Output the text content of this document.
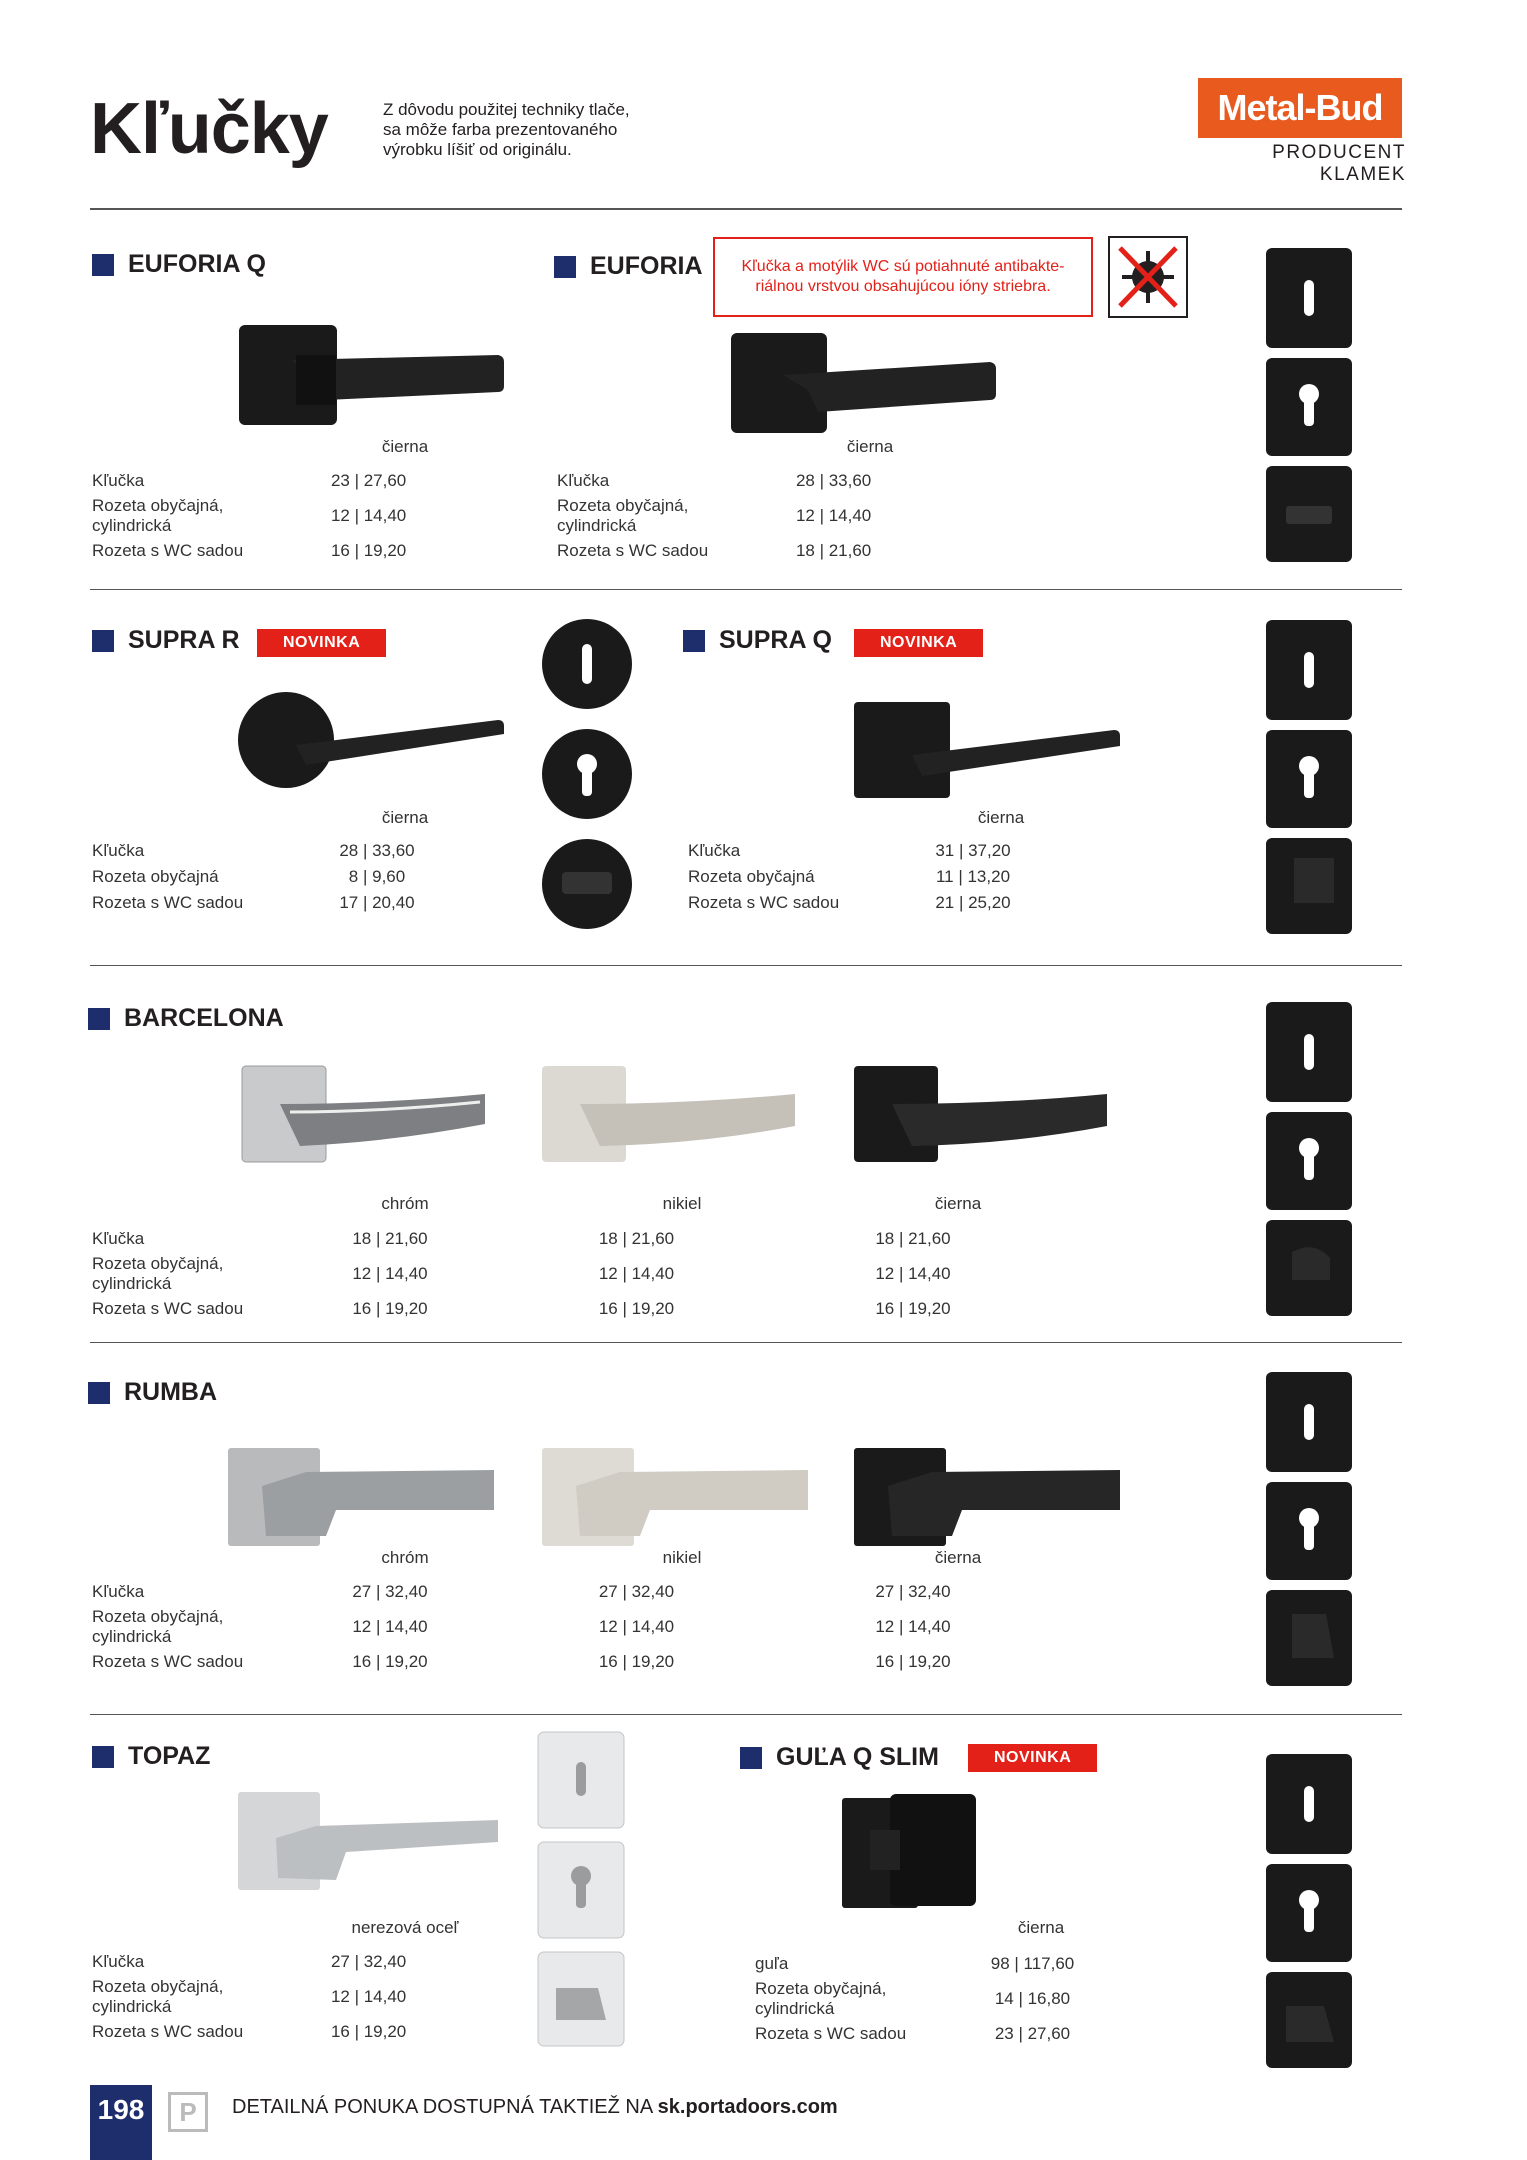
Kľučky	Z dôvodu použitej techniky tlače,
sa môže farba prezentovaného
výrobku líšiť od originálu.
Metal-Bud
PRODUCENT KLAMEK
EUFORIA Q	EUFORIA	Kľučka a motýlik WC sú potiahnuté antibakte-riálnou vrstvou obsahujúcou ióny striebra.
čierna
Kľučka	23 | 27,60
Rozeta obyčajná, cylindrická	12 | 14,40
Rozeta s WC sadou	16 | 19,20
čierna
Kľučka	28 | 33,60
Rozeta obyčajná, cylindrická	12 | 14,40
Rozeta s WC sadou	18 | 21,60
SUPRA R	NOVINKA	SUPRA Q	NOVINKA
čierna
Kľučka	28 | 33,60
Rozeta obyčajná	8 | 9,60
Rozeta s WC sadou	17 | 20,40
čierna
Kľučka	31 | 37,20
Rozeta obyčajná	11 | 13,20
Rozeta s WC sadou	21 | 25,20
BARCELONA
chróm	nikiel	čierna
Kľučka	18 | 21,60	18 | 21,60	18 | 21,60
Rozeta obyčajná, cylindrická	12 | 14,40	12 | 14,40	12 | 14,40
Rozeta s WC sadou	16 | 19,20	16 | 19,20	16 | 19,20
RUMBA
chróm	nikiel	čierna
Kľučka	27 | 32,40	27 | 32,40	27 | 32,40
Rozeta obyčajná, cylindrická	12 | 14,40	12 | 14,40	12 | 14,40
Rozeta s WC sadou	16 | 19,20	16 | 19,20	16 | 19,20
TOPAZ	GUĽA Q SLIM	NOVINKA
nerezová oceľ
Kľučka	27 | 32,40
Rozeta obyčajná, cylindrická	12 | 14,40
Rozeta s WC sadou	16 | 19,20
čierna
guľa	98 | 117,60
Rozeta obyčajná, cylindrická	14 | 16,80
Rozeta s WC sadou	23 | 27,60
198	P	DETAILNÁ PONUKA DOSTUPNÁ TAKTIEŽ NA sk.portadoors.com
